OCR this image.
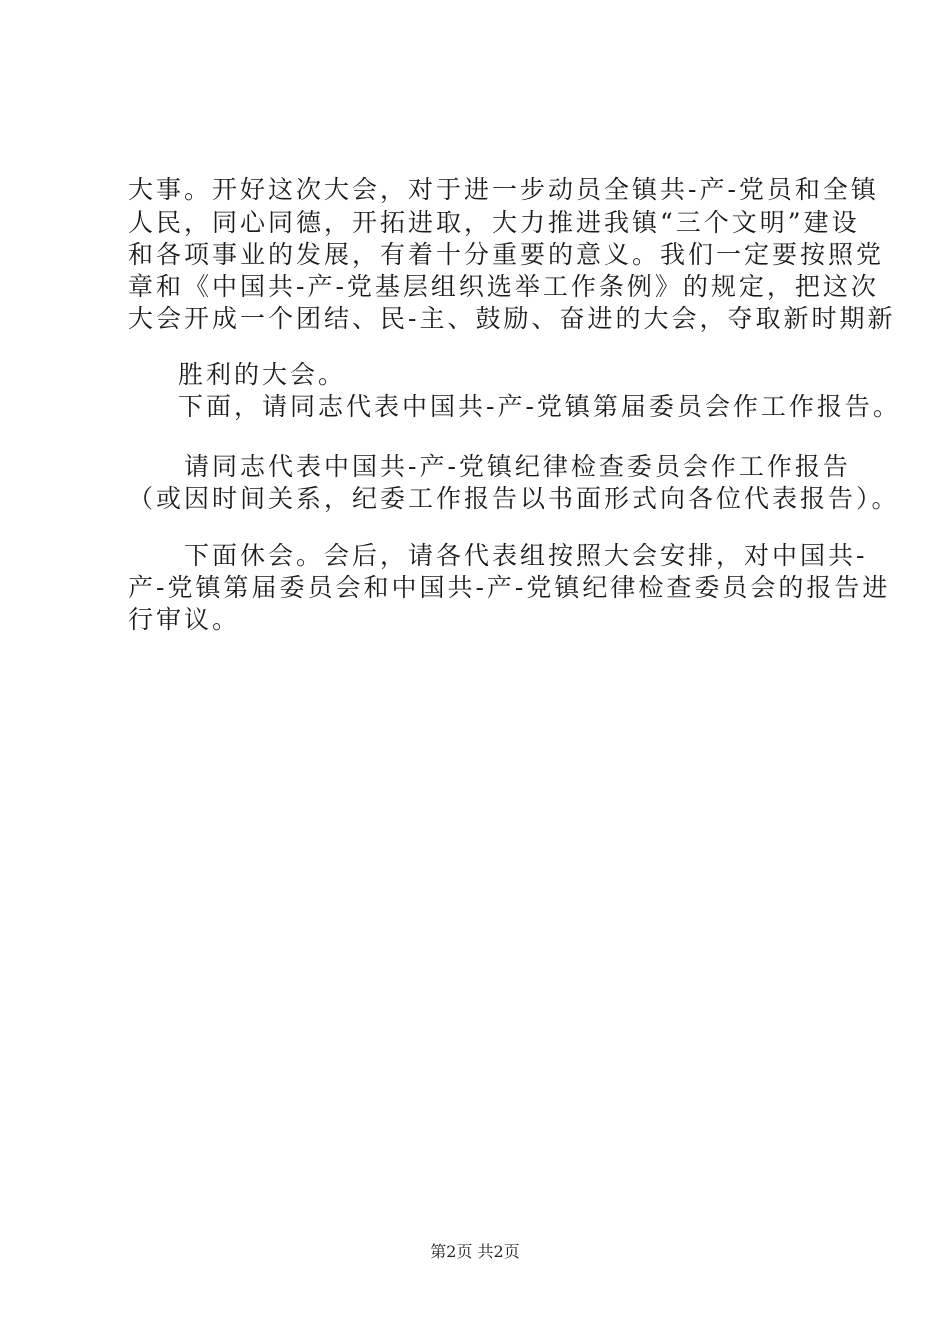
大事。开好这次大会，对于进一步动员全镇共-产-党员和全镇
人民，同心同德，开拓进取，大力推进我镇“三个文明”建设
和各项事业的发展，有着十分重要的意义。我们一定要按照党
章和《中国共-产-党基层组织选举工作条例》的规定，把这次
大会开成一个团结、民-主、鼓励、奋进的大会，夺取新时期新
胜利的大会。
下面，请同志代表中国共-产-党镇第届委员会作工作报告。
请同志代表中国共-产-党镇纪律检查委员会作工作报告
（或因时间关系，纪委工作报告以书面形式向各位代表报告）。
下面休会。会后，请各代表组按照大会安排，对中国共-
产-党镇第届委员会和中国共-产-党镇纪律检查委员会的报告进
行审议。
第2页 共2页
